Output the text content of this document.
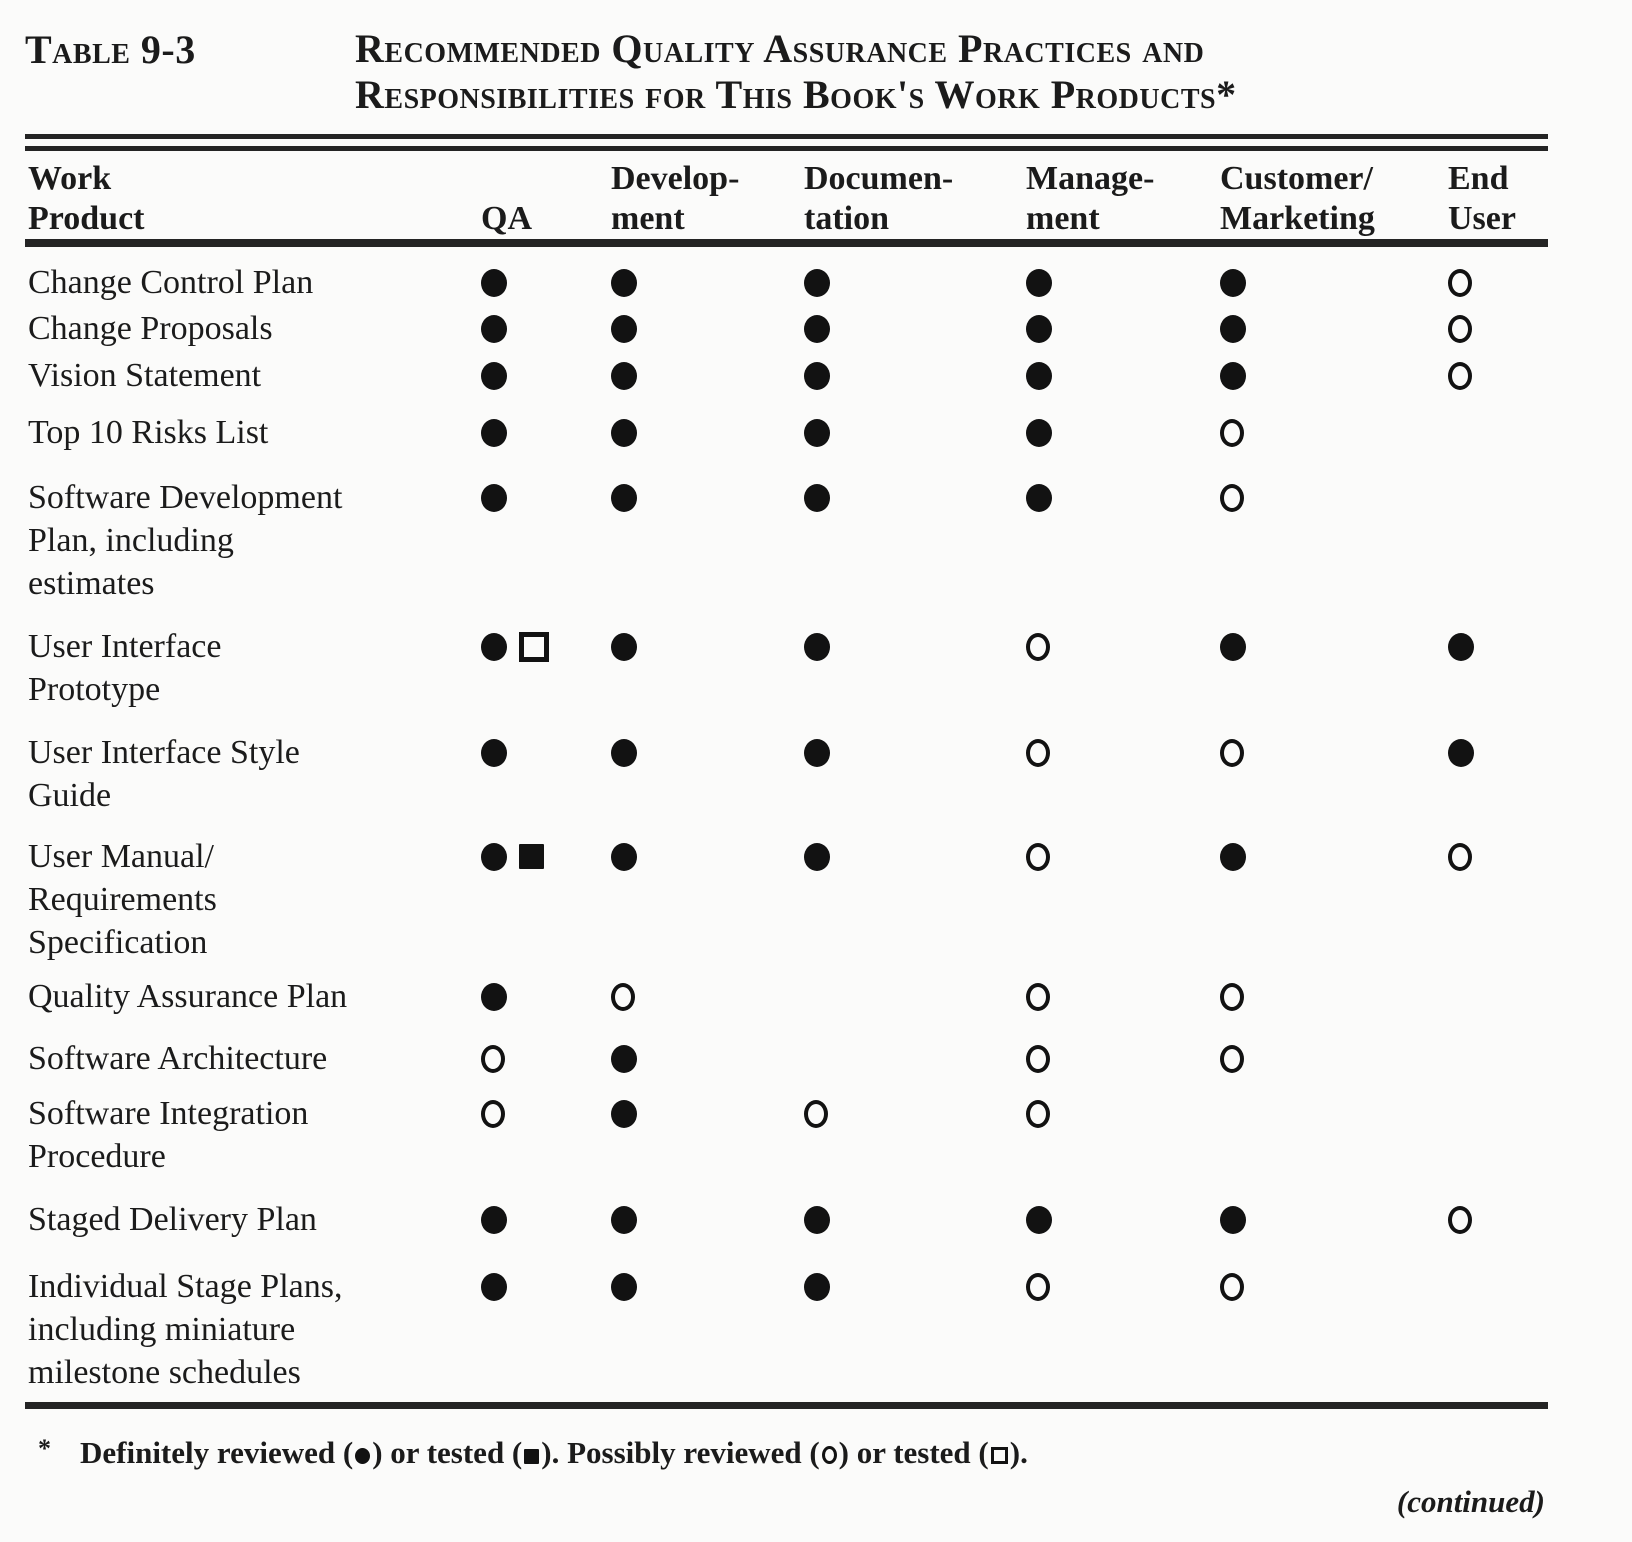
Table 9-3	Recommended Quality Assurance Practices and
Responsibilities for This Book's Work Products*
Work
Product	QA
Develop-
ment
Documen-
tation
Manage-
ment
Customer/
Marketing
End
User
Change Control Plan
Change Proposals
Vision Statement
Top 10 Risks List
Software Development
Plan, including
estimates
User Interface
Prototype
User Interface Style
Guide
User Manual/
Requirements
Specification
Quality Assurance Plan
Software Architecture
Software Integration
Procedure
Staged Delivery Plan
Individual Stage Plans,
including miniature
milestone schedules
* Definitely reviewed ( ) or tested ( ). Possibly reviewed ( ) or tested ( ).
(continued)
